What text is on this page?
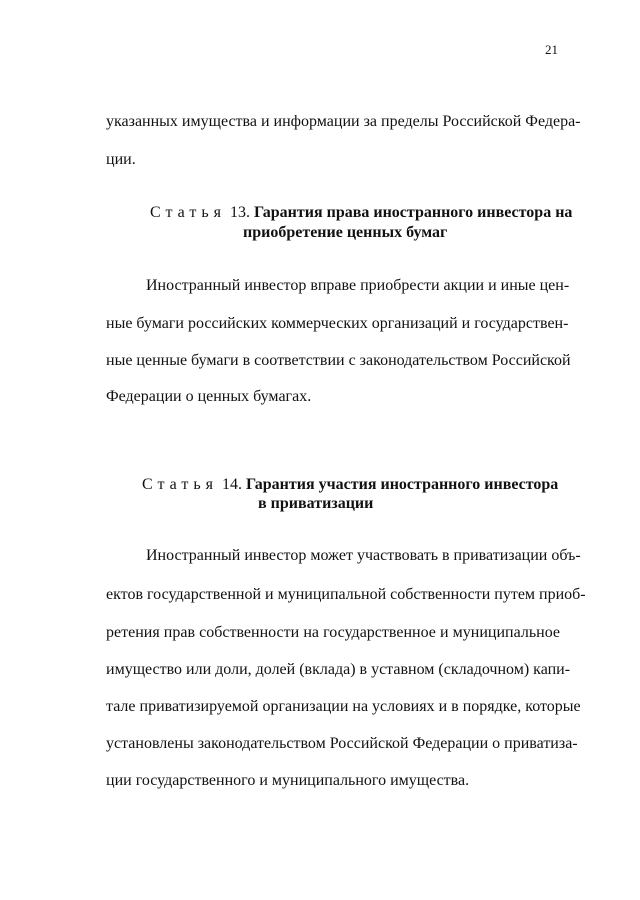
21
указанных имущества и информации за пределы Российской Федера-
ции.
Статья 13. Гарантия права иностранного инвестора на
приобретение ценных бумаг
Иностранный инвестор вправе приобрести акции и иные цен-
ные бумаги российских коммерческих организаций и государствен-
ные ценные бумаги в соответствии с законодательством Российской
Федерации о ценных бумагах.
Статья 14. Гарантия участия иностранного инвестора
в приватизации
Иностранный инвестор может участвовать в приватизации объ-
ектов государственной и муниципальной собственности путем приоб-
ретения прав собственности на государственное и муниципальное
имущество или доли, долей (вклада) в уставном (складочном) капи-
тале приватизируемой организации на условиях и в порядке, которые
установлены законодательством Российской Федерации о приватиза-
ции государственного и муниципального имущества.
